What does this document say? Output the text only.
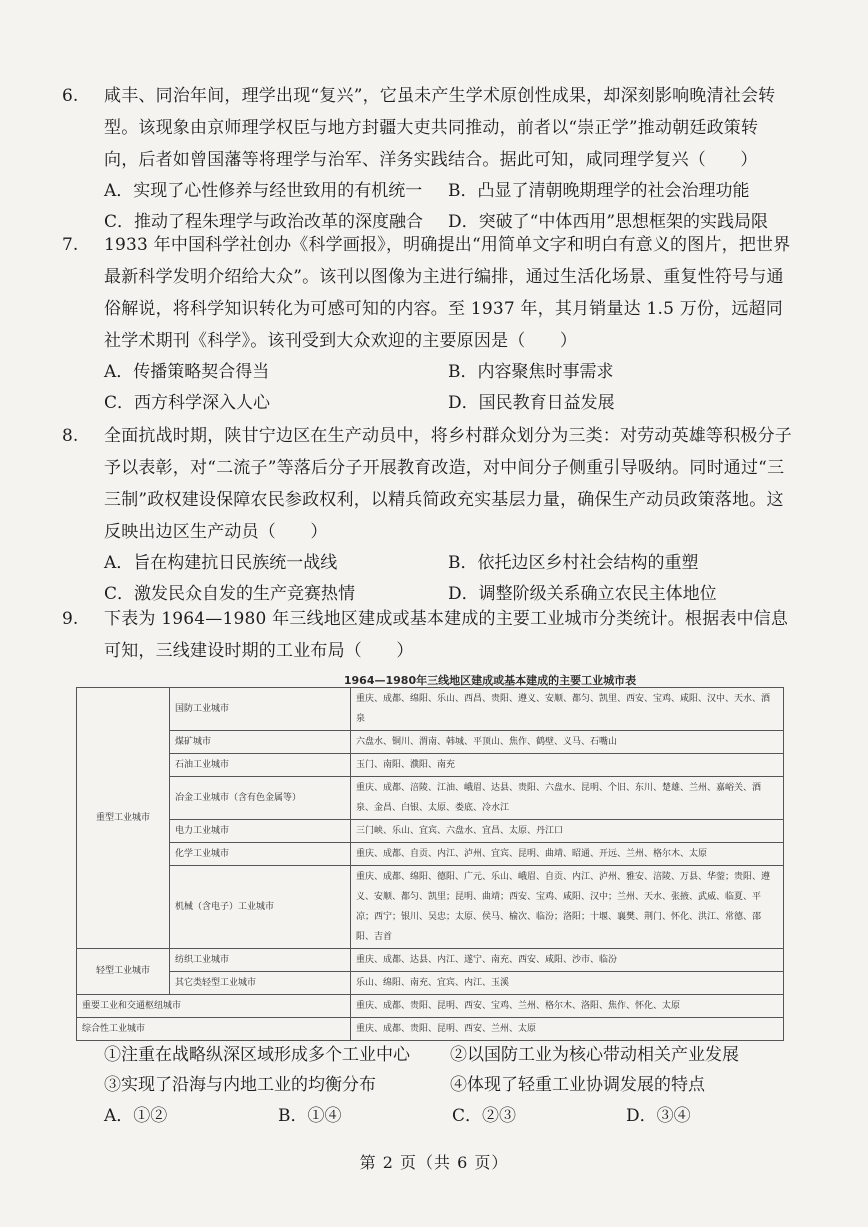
6. 咸丰、同治年间，理学出现“复兴”，它虽未产生学术原创性成果，却深刻影响晚清社会转型。该现象由京师理学权臣与地方封疆大吏共同推动，前者以“崇正学”推动朝廷政策转向，后者如曾国藩等将理学与治军、洋务实践结合。据此可知，咸同理学复兴（　　）
A．实现了心性修养与经世致用的有机统一	B．凸显了清朝晚期理学的社会治理功能
C．推动了程朱理学与政治改革的深度融合	D．突破了“中体西用”思想框架的实践局限
7. 1933 年中国科学社创办《科学画报》，明确提出“用简单文字和明白有意义的图片，把世界最新科学发明介绍给大众”。该刊以图像为主进行编排，通过生活化场景、重复性符号与通俗解说，将科学知识转化为可感可知的内容。至 1937 年，其月销量达 1.5 万份，远超同社学术期刊《科学》。该刊受到大众欢迎的主要原因是（　　）
A．传播策略契合得当	B．内容聚焦时事需求
C．西方科学深入人心	D．国民教育日益发展
8. 全面抗战时期，陕甘宁边区在生产动员中，将乡村群众划分为三类：对劳动英雄等积极分子予以表彰，对“二流子”等落后分子开展教育改造，对中间分子侧重引导吸纳。同时通过“三三制”政权建设保障农民参政权利，以精兵简政充实基层力量，确保生产动员政策落地。这反映出边区生产动员（　　）
A．旨在构建抗日民族统一战线	B．依托边区乡村社会结构的重塑
C．激发民众自发的生产竞赛热情	D．调整阶级关系确立农民主体地位
9. 下表为 1964—1980 年三线地区建成或基本建成的主要工业城市分类统计。根据表中信息可知，三线建设时期的工业布局（　　）
1964—1980年三线地区建成或基本建成的主要工业城市表
重型工业城市	国防工业城市	重庆、成都、绵阳、乐山、西昌、贵阳、遵义、安顺、都匀、凯里、西安、宝鸡、咸阳、汉中、天水、酒泉
	煤矿城市	六盘水、铜川、渭南、韩城、平顶山、焦作、鹤壁、义马、石嘴山
	石油工业城市	玉门、南阳、濮阳、南充
	冶金工业城市（含有色金属等）	重庆、成都、涪陵、江油、峨眉、达县、贵阳、六盘水、昆明、个旧、东川、楚雄、兰州、嘉峪关、酒泉、金昌、白银、太原、娄底、冷水江
	电力工业城市	三门峡、乐山、宜宾、六盘水、宜昌、太原、丹江口
	化学工业城市	重庆、成都、自贡、内江、泸州、宜宾、昆明、曲靖、昭通、开远、兰州、格尔木、太原
	机械（含电子）工业城市	重庆、成都、绵阳、德阳、广元、乐山、峨眉、自贡、内江、泸州、雅安、涪陵、万县、华蓥；贵阳、遵义、安顺、都匀、凯里；昆明、曲靖；西安、宝鸡、咸阳、汉中；兰州、天水、张掖、武威、临夏、平凉；西宁；银川、吴忠；太原、侯马、榆次、临汾；洛阳；十堰、襄樊、荆门、怀化、洪江、常德、邵阳、吉首
轻型工业城市	纺织工业城市	重庆、成都、达县、内江、遂宁、南充、西安、咸阳、沙市、临汾
	其它类轻型工业城市	乐山、绵阳、南充、宜宾、内江、玉溪
重要工业和交通枢纽城市		重庆、成都、贵阳、昆明、西安、宝鸡、兰州、格尔木、洛阳、焦作、怀化、太原
综合性工业城市		重庆、成都、贵阳、昆明、西安、兰州、太原
①注重在战略纵深区域形成多个工业中心	②以国防工业为核心带动相关产业发展
③实现了沿海与内地工业的均衡分布	④体现了轻重工业协调发展的特点
A．①②	B．①④	C．②③	D．③④
第 2 页（共 6 页）
